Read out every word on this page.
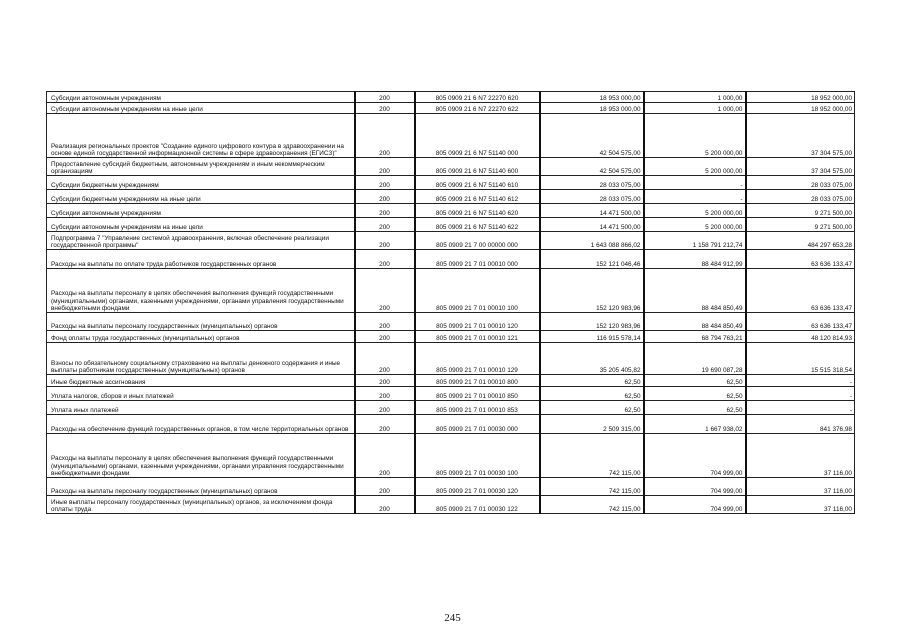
Субсидии автономным учреждениям	200	805 0909 21 6 N7 22270 620	18 953 000,00	1 000,00	18 952 000,00
Субсидии автономным учреждениям на иные цели	200	805 0909 21 6 N7 22270 622	18 953 000,00	1 000,00	18 952 000,00
Реализация региональных проектов "Создание единого цифрового контура в здравоохранении на основе единой государственной информационной системы в сфере здравоохранения (ЕГИСЗ)"	200	805 0909 21 6 N7 51140 000	42 504 575,00	5 200 000,00	37 304 575,00
Предоставление субсидий бюджетным, автономным учреждениям и иным некоммерческим организациям	200	805 0909 21 6 N7 51140 600	42 504 575,00	5 200 000,00	37 304 575,00
Субсидии бюджетным учреждениям	200	805 0909 21 6 N7 51140 610	28 033 075,00	-	28 033 075,00
Субсидии бюджетным учреждениям на иные цели	200	805 0909 21 6 N7 51140 612	28 033 075,00	-	28 033 075,00
Субсидии автономным учреждениям	200	805 0909 21 6 N7 51140 620	14 471 500,00	5 200 000,00	9 271 500,00
Субсидии автономным учреждениям на иные цели	200	805 0909 21 6 N7 51140 622	14 471 500,00	5 200 000,00	9 271 500,00
Подпрограмма 7 "Управление системой здравоохранения, включая обеспечение реализации государственной программы"	200	805 0909 21 7 00 00000 000	1 643 088 866,02	1 158 791 212,74	484 297 653,28
Расходы на выплаты по оплате труда работников государственных органов	200	805 0909 21 7 01 00010 000	152 121 046,46	88 484 912,99	63 636 133,47
Расходы на выплаты персоналу в целях обеспечения выполнения функций государственными (муниципальными) органами, казенными учреждениями, органами управления государственными внебюджетными фондами	200	805 0909 21 7 01 00010 100	152 120 983,96	88 484 850,49	63 636 133,47
Расходы на выплаты персоналу государственных (муниципальных) органов	200	805 0909 21 7 01 00010 120	152 120 983,96	88 484 850,49	63 636 133,47
Фонд оплаты труда государственных (муниципальных) органов	200	805 0909 21 7 01 00010 121	116 915 578,14	68 794 763,21	48 120 814,93
Взносы по обязательному социальному страхованию на выплаты денежного содержания и иные выплаты работникам государственных (муниципальных) органов	200	805 0909 21 7 01 00010 129	35 205 405,82	19 690 087,28	15 515 318,54
Иные бюджетные ассигнования	200	805 0909 21 7 01 00010 800	62,50	62,50	-
Уплата налогов, сборов и иных платежей	200	805 0909 21 7 01 00010 850	62,50	62,50	-
Уплата иных платежей	200	805 0909 21 7 01 00010 853	62,50	62,50	-
Расходы на обеспечение функций государственных органов, в том числе территориальных органов	200	805 0909 21 7 01 00030 000	2 509 315,00	1 667 938,02	841 376,98
Расходы на выплаты персоналу в целях обеспечения выполнения функций государственными (муниципальными) органами, казенными учреждениями, органами управления государственными внебюджетными фондами	200	805 0909 21 7 01 00030 100	742 115,00	704 999,00	37 116,00
Расходы на выплаты персоналу государственных (муниципальных) органов	200	805 0909 21 7 01 00030 120	742 115,00	704 999,00	37 116,00
Иные выплаты персоналу государственных (муниципальных) органов, за исключением фонда оплаты труда	200	805 0909 21 7 01 00030 122	742 115,00	704 999,00	37 116,00
245
